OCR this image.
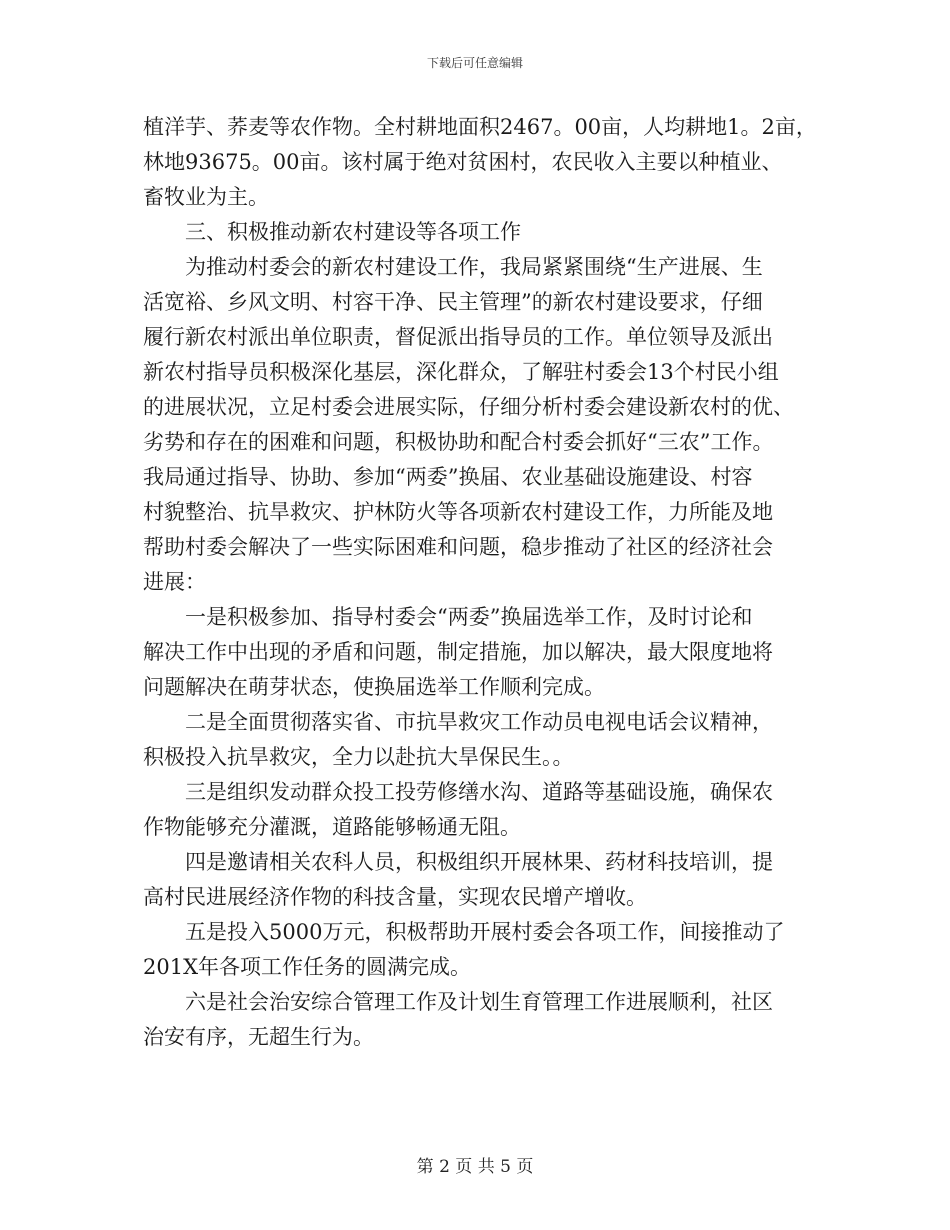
下载后可任意编辑
植洋芋、荞麦等农作物。全村耕地面积2467。00亩，人均耕地1。2亩，
林地93675。00亩。该村属于绝对贫困村，农民收入主要以种植业、
畜牧业为主。
三、积极推动新农村建设等各项工作
为推动村委会的新农村建设工作，我局紧紧围绕“生产进展、生
活宽裕、乡风文明、村容干净、民主管理”的新农村建设要求，仔细
履行新农村派出单位职责，督促派出指导员的工作。单位领导及派出
新农村指导员积极深化基层，深化群众，了解驻村委会13个村民小组
的进展状况，立足村委会进展实际，仔细分析村委会建设新农村的优、
劣势和存在的困难和问题，积极协助和配合村委会抓好“三农”工作。
我局通过指导、协助、参加“两委”换届、农业基础设施建设、村容
村貌整治、抗旱救灾、护林防火等各项新农村建设工作，力所能及地
帮助村委会解决了一些实际困难和问题，稳步推动了社区的经济社会
进展：
一是积极参加、指导村委会“两委”换届选举工作，及时讨论和
解决工作中出现的矛盾和问题，制定措施，加以解决，最大限度地将
问题解决在萌芽状态，使换届选举工作顺利完成。
二是全面贯彻落实省、市抗旱救灾工作动员电视电话会议精神，
积极投入抗旱救灾，全力以赴抗大旱保民生。。
三是组织发动群众投工投劳修缮水沟、道路等基础设施，确保农
作物能够充分灌溉，道路能够畅通无阻。
四是邀请相关农科人员，积极组织开展林果、药材科技培训，提
高村民进展经济作物的科技含量，实现农民增产增收。
五是投入5000万元，积极帮助开展村委会各项工作，间接推动了
201X年各项工作任务的圆满完成。
六是社会治安综合管理工作及计划生育管理工作进展顺利，社区
治安有序，无超生行为。
第 2 页 共 5 页
